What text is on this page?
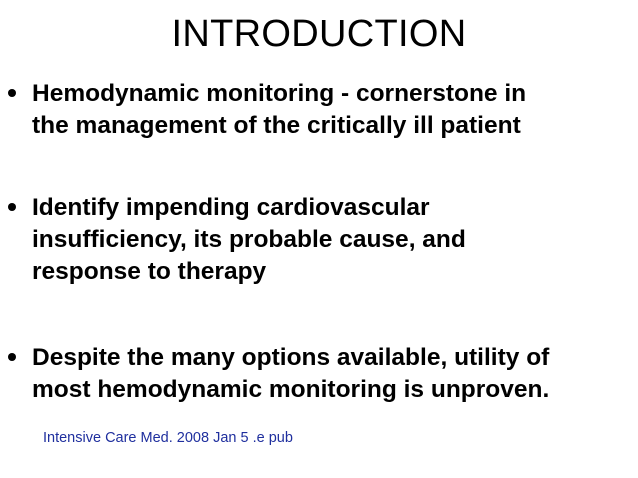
INTRODUCTION
Hemodynamic monitoring - cornerstone in
the management of the critically ill patient
Identify impending cardiovascular
insufficiency, its probable cause, and
response to therapy
Despite the many options available, utility of
most hemodynamic monitoring is unproven.
Intensive Care Med. 2008 Jan 5 .e pub
